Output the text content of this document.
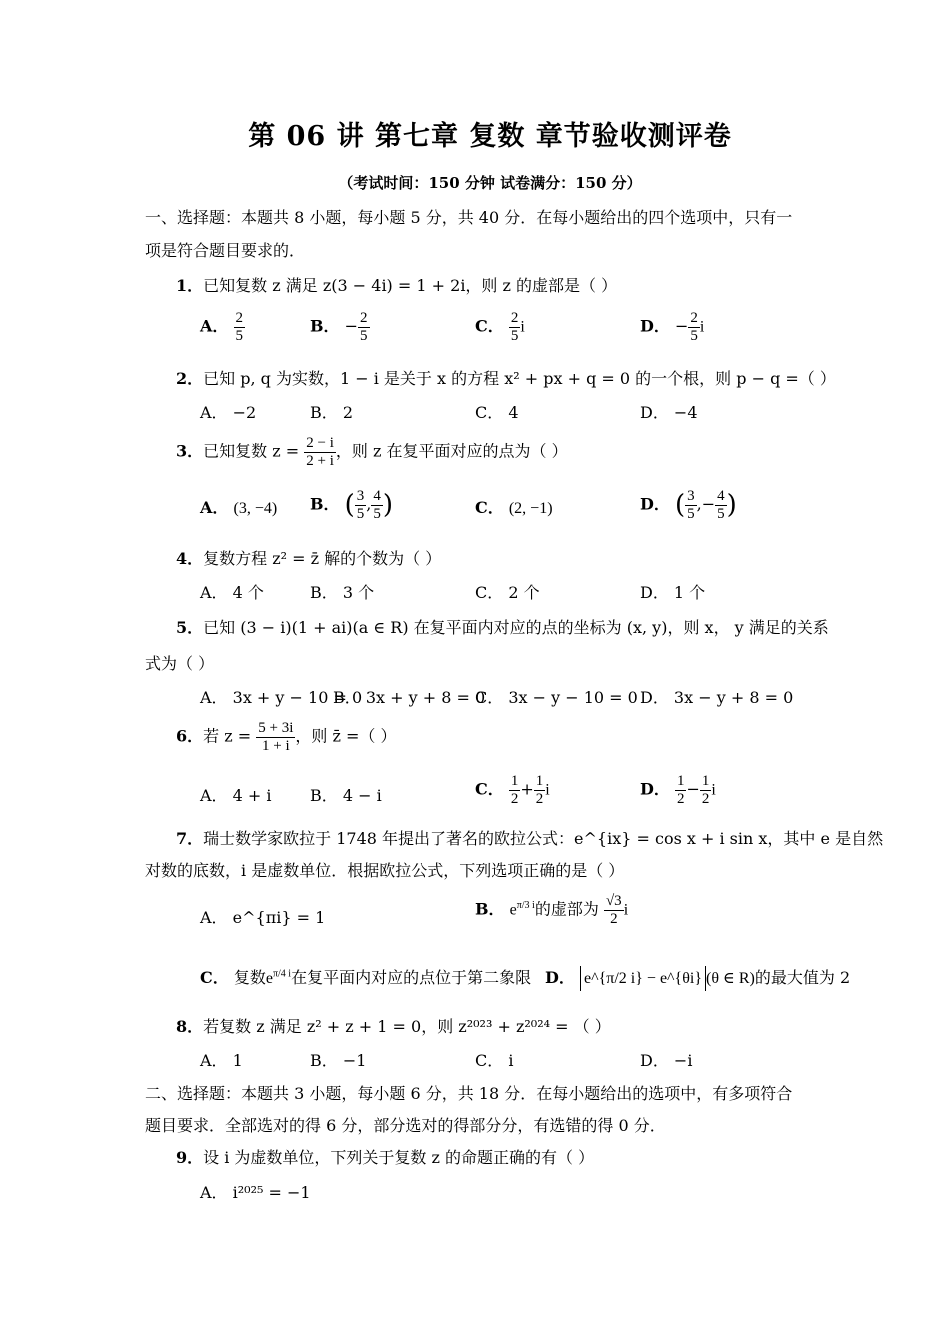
第 06 讲 第七章 复数 章节验收测评卷
（考试时间：150 分钟 试卷满分：150 分）
一、选择题：本题共 8 小题，每小题 5 分，共 40 分．在每小题给出的四个选项中，只有一
项是符合题目要求的．
1．已知复数 z 满足 z(3 − 4i) = 1 + 2i，则 z 的虚部是（ ）
A． $\frac{2}{5}$	B． − $\frac{2}{5}$	C． $\frac{2}{5}$ i	D． − $\frac{2}{5}$ i
2．已知 p, q 为实数，1 − i 是关于 x 的方程 x² + px + q = 0 的一个根，则 p − q =（ ）
A． −2	B． 2	C． 4	D． −4
3．已知复数 $z = \frac{2 - i}{2 + i}$ ，则 z 在复平面对应的点为（ ）
A． (3, −4) B． ( $\frac{3}{5}$ , $\frac{4}{5}$ )	C． (2, −1)	D． ( $\frac{3}{5}$ ,− $\frac{4}{5}$ )
4．复数方程 z² = z̄ 解的个数为（ ）
A． 4 个	B． 3 个	C． 2 个	D． 1 个
5．已知 (3 − i)(1 + ai)(a ∈ R) 在复平面内对应的点的坐标为 (x, y)，则 x， y 满足的关系
式为（ ）
A． 3x + y − 10 = 0
B． 3x + y + 8 = 0
C． 3x − y − 10 = 0 D． 3x − y + 8 = 0
6．若 $z = \frac{5 + 3i}{1 + i}$ ，则 z̄ =（ ）
A． 4 + i B． 4 − i	C． $\frac{1}{2} + \frac{1}{2}$ i	D． $\frac{1}{2} - \frac{1}{2}$ i
7．瑞士数学家欧拉于 1748 年提出了著名的欧拉公式：e^{ix} = cos x + i sin x，其中 e 是自然
对数的底数，i 是虚数单位．根据欧拉公式，下列选项正确的是（ ）
A． e^{πi} = 1	B． $e^{\pi/3 i}$的虚部为 $\frac{√3}{2}$ i
C． 复数$e^{\pi/4 i}$在复平面内对应的点位于第二象限 D． e^{π/2 i} − e^{θi} (θ ∈ R)的最大值为 2
8．若复数 z 满足 z² + z + 1 = 0，则 z²⁰²³ + z²⁰²⁴ = （ ）
A． 1	B． −1	C． i	D． −i
二、选择题：本题共 3 小题，每小题 6 分，共 18 分．在每小题给出的选项中，有多项符合
题目要求．全部选对的得 6 分，部分选对的得部分分，有选错的得 0 分．
9．设 i 为虚数单位，下列关于复数 z 的命题正确的有（ ）
A． i²⁰²⁵ = −1
